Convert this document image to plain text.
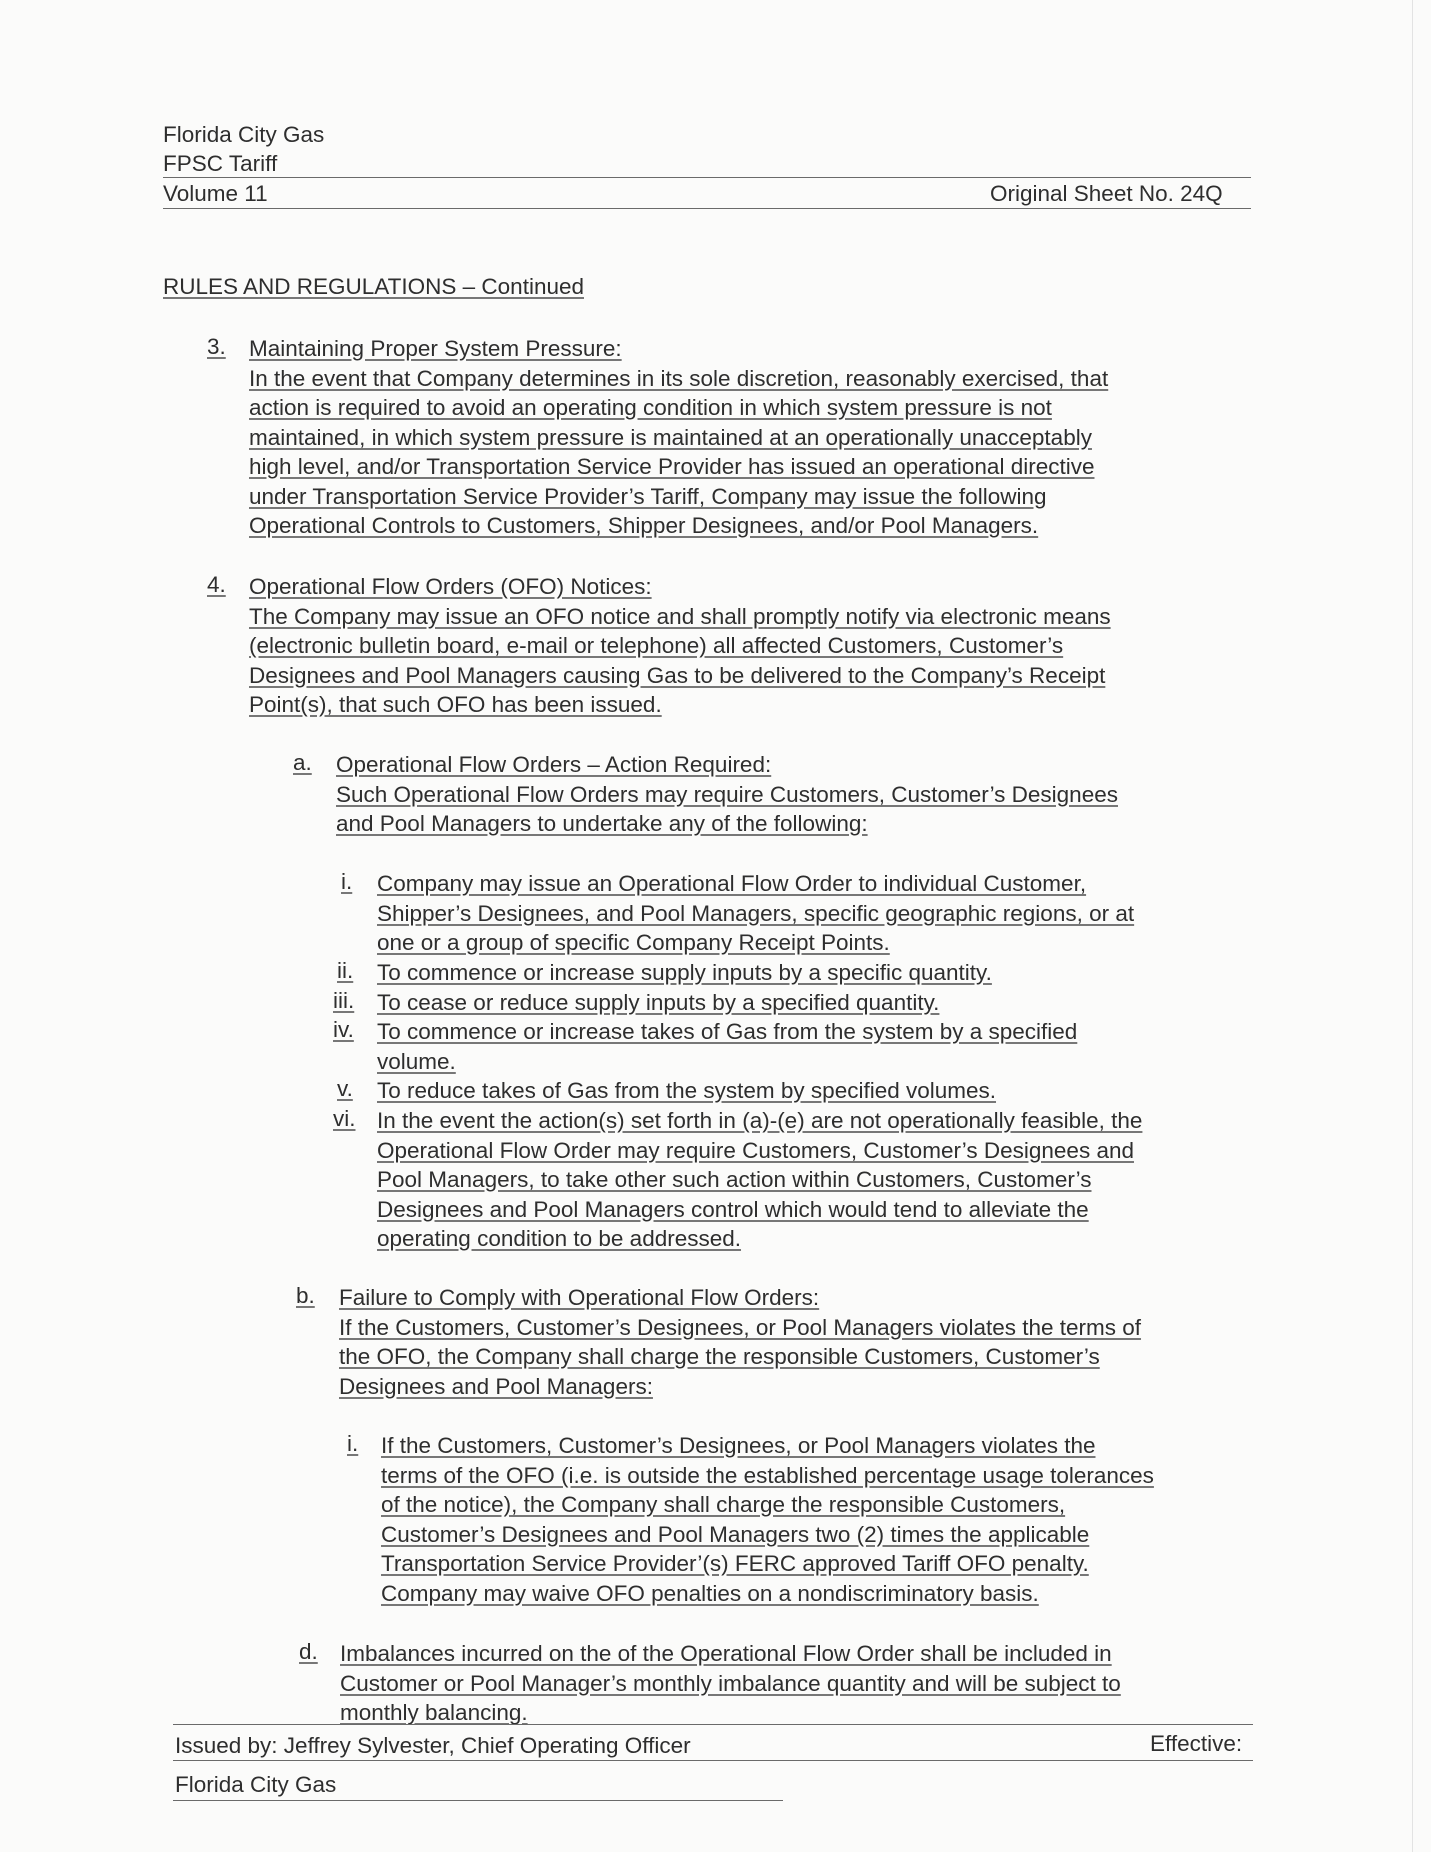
Florida City Gas
FPSC Tariff
Volume 11	Original Sheet No. 24Q
RULES AND REGULATIONS – Continued
3. Maintaining Proper System Pressure:
In the event that Company determines in its sole discretion, reasonably exercised, that
action is required to avoid an operating condition in which system pressure is not
maintained, in which system pressure is maintained at an operationally unacceptably
high level, and/or Transportation Service Provider has issued an operational directive
under Transportation Service Provider’s Tariff, Company may issue the following
Operational Controls to Customers, Shipper Designees, and/or Pool Managers.
4. Operational Flow Orders (OFO) Notices:
The Company may issue an OFO notice and shall promptly notify via electronic means
(electronic bulletin board, e-mail or telephone) all affected Customers, Customer’s
Designees and Pool Managers causing Gas to be delivered to the Company’s Receipt
Point(s), that such OFO has been issued.
a. Operational Flow Orders – Action Required:
Such Operational Flow Orders may require Customers, Customer’s Designees
and Pool Managers to undertake any of the following:
i. Company may issue an Operational Flow Order to individual Customer,
Shipper’s Designees, and Pool Managers, specific geographic regions, or at
one or a group of specific Company Receipt Points.
ii. To commence or increase supply inputs by a specific quantity.
iii. To cease or reduce supply inputs by a specified quantity.
iv. To commence or increase takes of Gas from the system by a specified
volume.
v. To reduce takes of Gas from the system by specified volumes.
vi. In the event the action(s) set forth in (a)-(e) are not operationally feasible, the
Operational Flow Order may require Customers, Customer’s Designees and
Pool Managers, to take other such action within Customers, Customer’s
Designees and Pool Managers control which would tend to alleviate the
operating condition to be addressed.
b. Failure to Comply with Operational Flow Orders:
If the Customers, Customer’s Designees, or Pool Managers violates the terms of
the OFO, the Company shall charge the responsible Customers, Customer’s
Designees and Pool Managers:
i. If the Customers, Customer’s Designees, or Pool Managers violates the
terms of the OFO (i.e. is outside the established percentage usage tolerances
of the notice), the Company shall charge the responsible Customers,
Customer’s Designees and Pool Managers two (2) times the applicable
Transportation Service Provider’(s) FERC approved Tariff OFO penalty.
Company may waive OFO penalties on a nondiscriminatory basis.
d. Imbalances incurred on the of the Operational Flow Order shall be included in
Customer or Pool Manager’s monthly imbalance quantity and will be subject to
monthly balancing.
Issued by: Jeffrey Sylvester, Chief Operating Officer	Effective:
Florida City Gas
